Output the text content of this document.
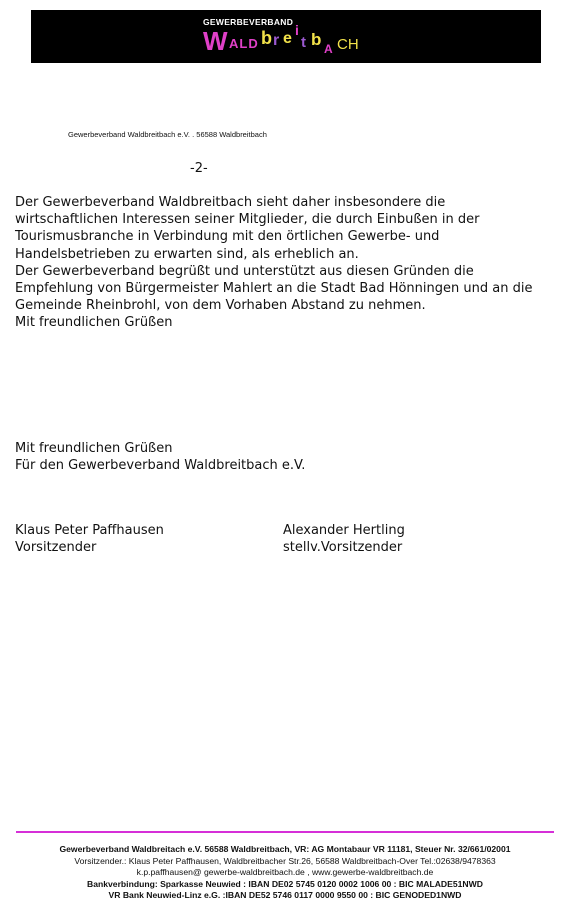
GEWERBEVERBAND
W ALD b r e i
t b A CH
Gewerbeverband Waldbreitbach e.V. . 56588 Waldbreitbach
-2-

Der Gewerbeverband Waldbreitbach sieht daher insbesondere die

wirtschaftlichen Interessen seiner Mitglieder, die durch Einbußen in der

Tourismusbranche in Verbindung mit den örtlichen Gewerbe- und

Handelsbetrieben zu erwarten sind, als erheblich an.

Der Gewerbeverband begrüßt und unterstützt aus diesen Gründen die

Empfehlung von Bürgermeister Mahlert an die Stadt Bad Hönningen und an die

Gemeinde Rheinbrohl, von dem Vorhaben Abstand zu nehmen.

Mit freundlichen Grüßen

Mit freundlichen Grüßen
Für den Gewerbeverband Waldbreitbach e.V.
Klaus Peter Paffhausen
Vorsitzender
Alexander Hertling
stellv.Vorsitzender
Gewerbeverband Waldbreitach e.V. 56588 Waldbreitbach, VR: AG Montabaur VR 11181, Steuer Nr. 32/661/02001
Vorsitzender.: Klaus Peter Paffhausen, Waldbreitbacher Str.26, 56588 Waldbreitbach-Over Tel.:02638/9478363
k.p.paffhausen@ gewerbe-waldbreitbach.de , www.gewerbe-waldbreitbach.de
Bankverbindung: Sparkasse Neuwied : IBAN DE02 5745 0120 0002 1006 00 : BIC MALADE51NWD
VR Bank Neuwied-Linz e.G. :IBAN DE52 5746 0117 0000 9550 00 : BIC GENODED1NWD
